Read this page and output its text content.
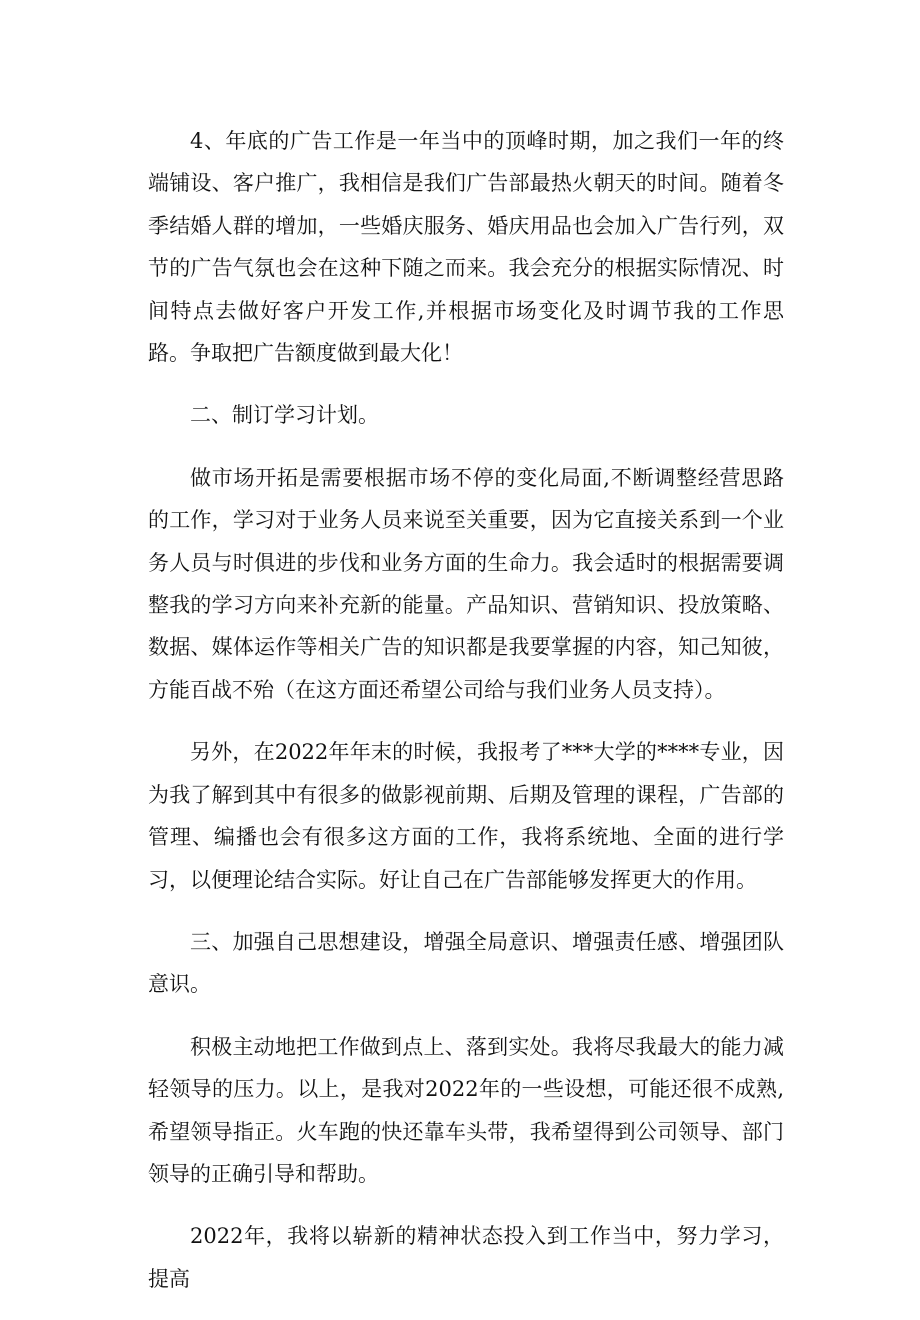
4、年底的广告工作是一年当中的顶峰时期，加之我们一年的终端铺设、客户推广，我相信是我们广告部最热火朝天的时间。随着冬季结婚人群的增加，一些婚庆服务、婚庆用品也会加入广告行列，双节的广告气氛也会在这种下随之而来。我会充分的根据实际情况、时间特点去做好客户开发工作,并根据市场变化及时调节我的工作思路。争取把广告额度做到最大化！

二、制订学习计划。

做市场开拓是需要根据市场不停的变化局面,不断调整经营思路的工作，学习对于业务人员来说至关重要，因为它直接关系到一个业务人员与时俱进的步伐和业务方面的生命力。我会适时的根据需要调整我的学习方向来补充新的能量。产品知识、营销知识、投放策略、数据、媒体运作等相关广告的知识都是我要掌握的内容，知己知彼，方能百战不殆（在这方面还希望公司给与我们业务人员支持）。

另外，在2022年年末的时候，我报考了***大学的****专业，因为我了解到其中有很多的做影视前期、后期及管理的课程，广告部的管理、编播也会有很多这方面的工作，我将系统地、全面的进行学习，以便理论结合实际。好让自己在广告部能够发挥更大的作用。

三、加强自己思想建设，增强全局意识、增强责任感、增强团队意识。

积极主动地把工作做到点上、落到实处。我将尽我最大的能力减轻领导的压力。以上，是我对2022年的一些设想，可能还很不成熟,希望领导指正。火车跑的快还靠车头带，我希望得到公司领导、部门领导的正确引导和帮助。

2022年，我将以崭新的精神状态投入到工作当中，努力学习，提高
